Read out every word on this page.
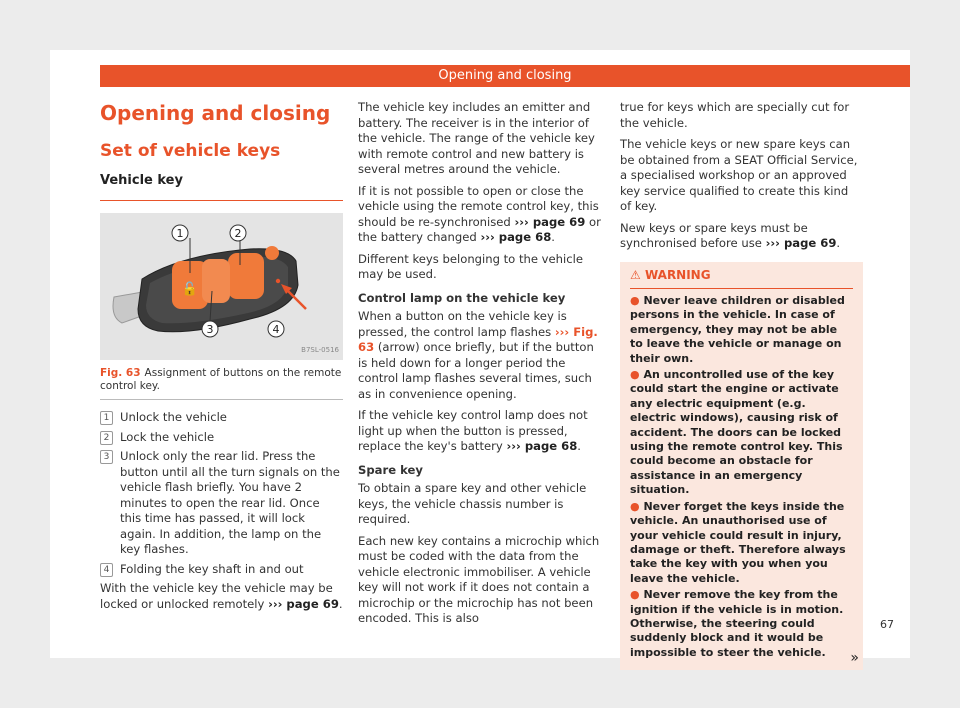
Opening and closing
Opening and closing
Set of vehicle keys
Vehicle key
🔓
1	2
3	4
B7SL-0516
Fig. 63 Assignment of buttons on the remote control key.
1 Unlock the vehicle
2 Lock the vehicle
3 Unlock only the rear lid. Press the button until all the turn signals on the vehicle flash briefly. You have 2 minutes to open the rear lid. Once this time has passed, it will lock again. In addition, the lamp on the key flashes.
4 Folding the key shaft in and out

With the vehicle key the vehicle may be locked or unlocked remotely ››› page 69.

The vehicle key includes an emitter and battery. The receiver is in the interior of the vehicle. The range of the vehicle key with remote control and new battery is several metres around the vehicle.

If it is not possible to open or close the vehicle using the remote control key, this should be re-synchronised ››› page 69 or the battery changed ››› page 68.

Different keys belonging to the vehicle may be used.

Control lamp on the vehicle key

When a button on the vehicle key is pressed, the control lamp flashes ››› Fig. 63 (arrow) once briefly, but if the button is held down for a longer period the control lamp flashes several times, such as in convenience opening.

If the vehicle key control lamp does not light up when the button is pressed, replace the key's battery ››› page 68.

Spare key

To obtain a spare key and other vehicle keys, the vehicle chassis number is required.

Each new key contains a microchip which must be coded with the data from the vehicle electronic immobiliser. A vehicle key will not work if it does not contain a microchip or the microchip has not been encoded. This is also

true for keys which are specially cut for the vehicle.

The vehicle keys or new spare keys can be obtained from a SEAT Official Service, a specialised workshop or an approved key service qualified to create this kind of key.

New keys or spare keys must be synchronised before use ››› page 69.

⚠ WARNING
● Never leave children or disabled persons in the vehicle. In case of emergency, they may not be able to leave the vehicle or manage on their own.
● An uncontrolled use of the key could start the engine or activate any electric equipment (e.g. electric windows), causing risk of accident. The doors can be locked using the remote control key. This could become an obstacle for assistance in an emergency situation.
● Never forget the keys inside the vehicle. An unauthorised use of your vehicle could result in injury, damage or theft. Therefore always take the key with you when you leave the vehicle.
● Never remove the key from the ignition if the vehicle is in motion. Otherwise, the steering could suddenly block and it would be impossible to steer the vehicle.	»
67
